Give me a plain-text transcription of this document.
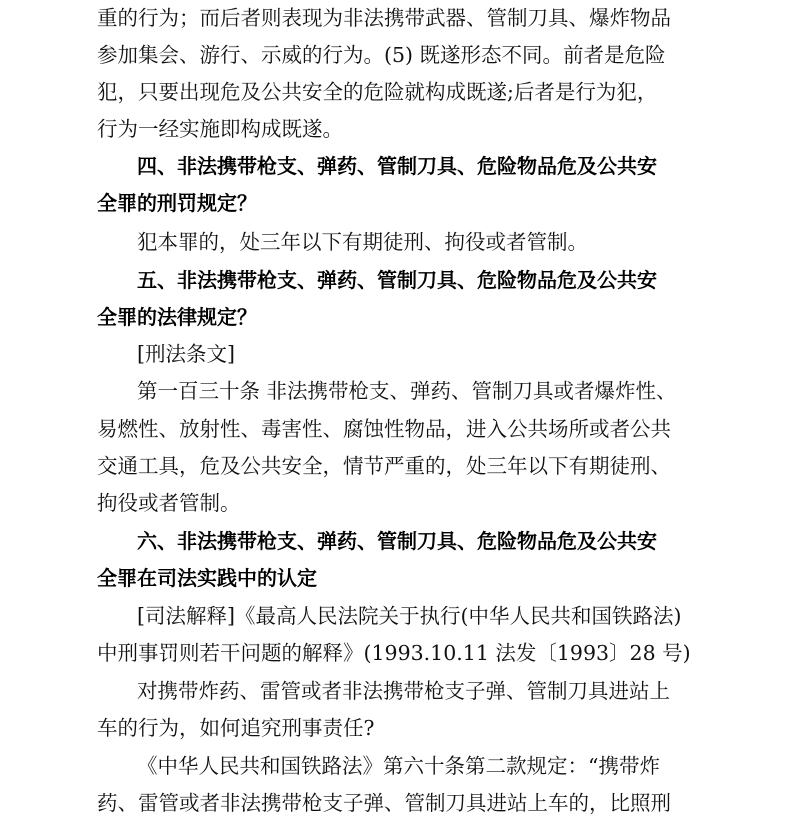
重的行为；而后者则表现为非法携带武器、管制刀具、爆炸物品
参加集会、游行、示威的行为。(5) 既遂形态不同。前者是危险
犯，只要出现危及公共安全的危险就构成既遂;后者是行为犯，
行为一经实施即构成既遂。
四、非法携带枪支、弹药、管制刀具、危险物品危及公共安
全罪的刑罚规定？
犯本罪的，处三年以下有期徒刑、拘役或者管制。
五、非法携带枪支、弹药、管制刀具、危险物品危及公共安
全罪的法律规定？
[刑法条文]
第一百三十条 非法携带枪支、弹药、管制刀具或者爆炸性、
易燃性、放射性、毒害性、腐蚀性物品，进入公共场所或者公共
交通工具，危及公共安全，情节严重的，处三年以下有期徒刑、
拘役或者管制。
六、非法携带枪支、弹药、管制刀具、危险物品危及公共安
全罪在司法实践中的认定
[司法解释]《最高人民法院关于执行(中华人民共和国铁路法)
中刑事罚则若干问题的解释》(1993.10.11 法发〔1993〕28 号)
对携带炸药、雷管或者非法携带枪支子弹、管制刀具进站上
车的行为，如何追究刑事责任?
《中华人民共和国铁路法》第六十条第二款规定：“携带炸
药、雷管或者非法携带枪支子弹、管制刀具进站上车的，比照刑
